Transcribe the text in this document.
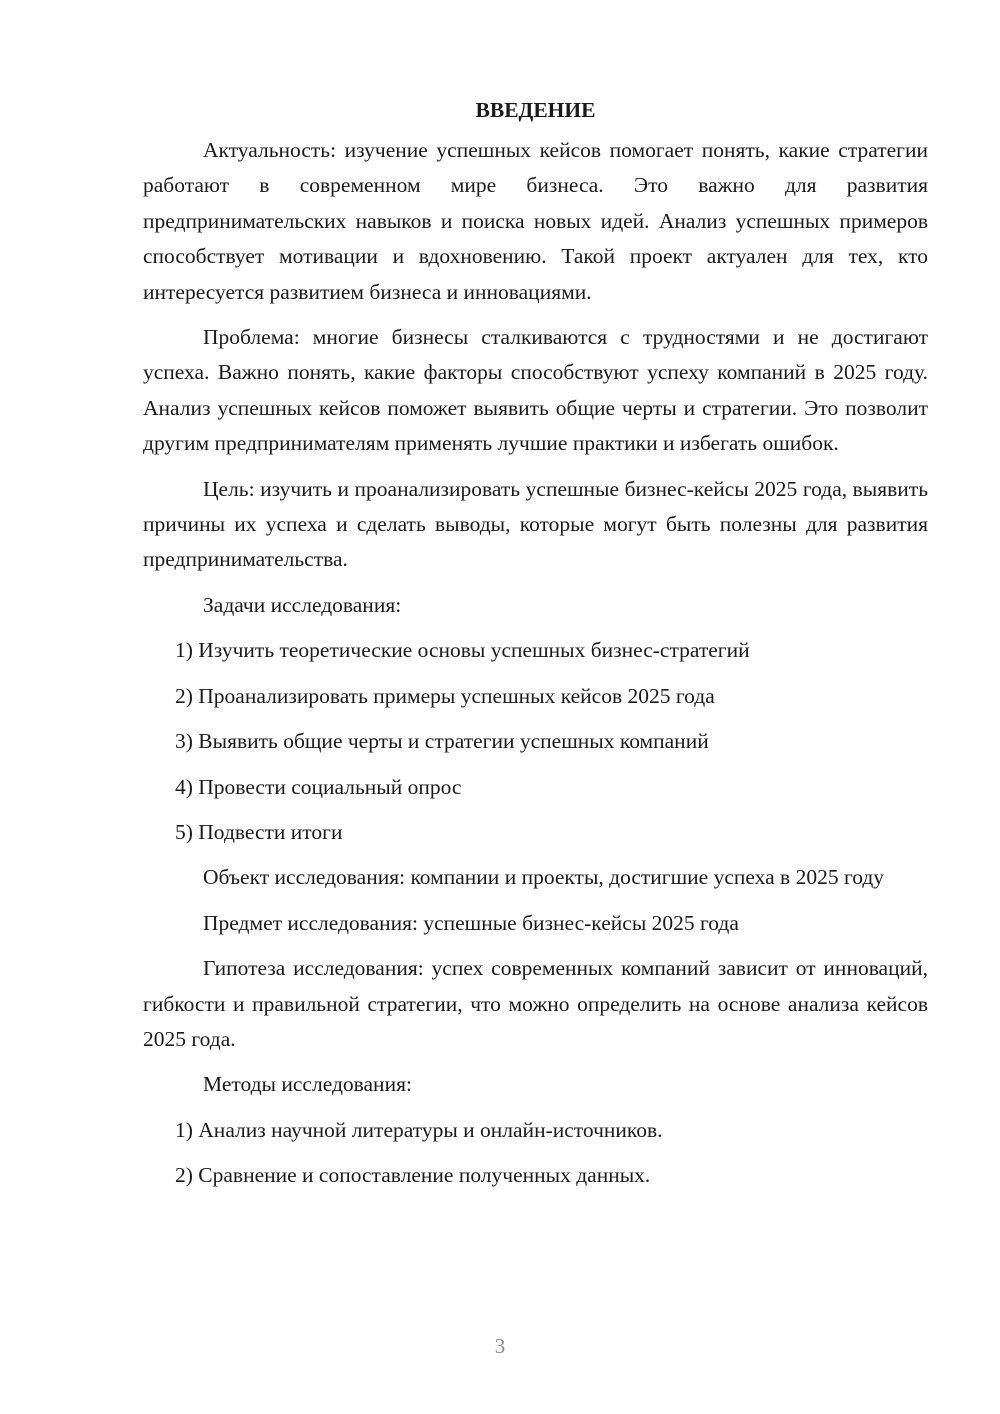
ВВЕДЕНИЕ

Актуальность: изучение успешных кейсов помогает понять, какие стратегии работают в современном мире бизнеса. Это важно для развития предпринимательских навыков и поиска новых идей. Анализ успешных примеров способствует мотивации и вдохновению. Такой проект актуален для тех, кто интересуется развитием бизнеса и инновациями.

Проблема: многие бизнесы сталкиваются с трудностями и не достигают успеха. Важно понять, какие факторы способствуют успеху компаний в 2025 году. Анализ успешных кейсов поможет выявить общие черты и стратегии. Это позволит другим предпринимателям применять лучшие практики и избегать ошибок.

Цель: изучить и проанализировать успешные бизнес-кейсы 2025 года, выявить причины их успеха и сделать выводы, которые могут быть полезны для развития предпринимательства.

Задачи исследования:

1) Изучить теоретические основы успешных бизнес-стратегий
2) Проанализировать примеры успешных кейсов 2025 года
3) Выявить общие черты и стратегии успешных компаний
4) Провести социальный опрос
5) Подвести итоги

Объект исследования: компании и проекты, достигшие успеха в 2025 году

Предмет исследования: успешные бизнес-кейсы 2025 года

Гипотеза исследования: успех современных компаний зависит от инноваций, гибкости и правильной стратегии, что можно определить на основе анализа кейсов 2025 года.

Методы исследования:

1) Анализ научной литературы и онлайн-источников.
2) Сравнение и сопоставление полученных данных.
3
